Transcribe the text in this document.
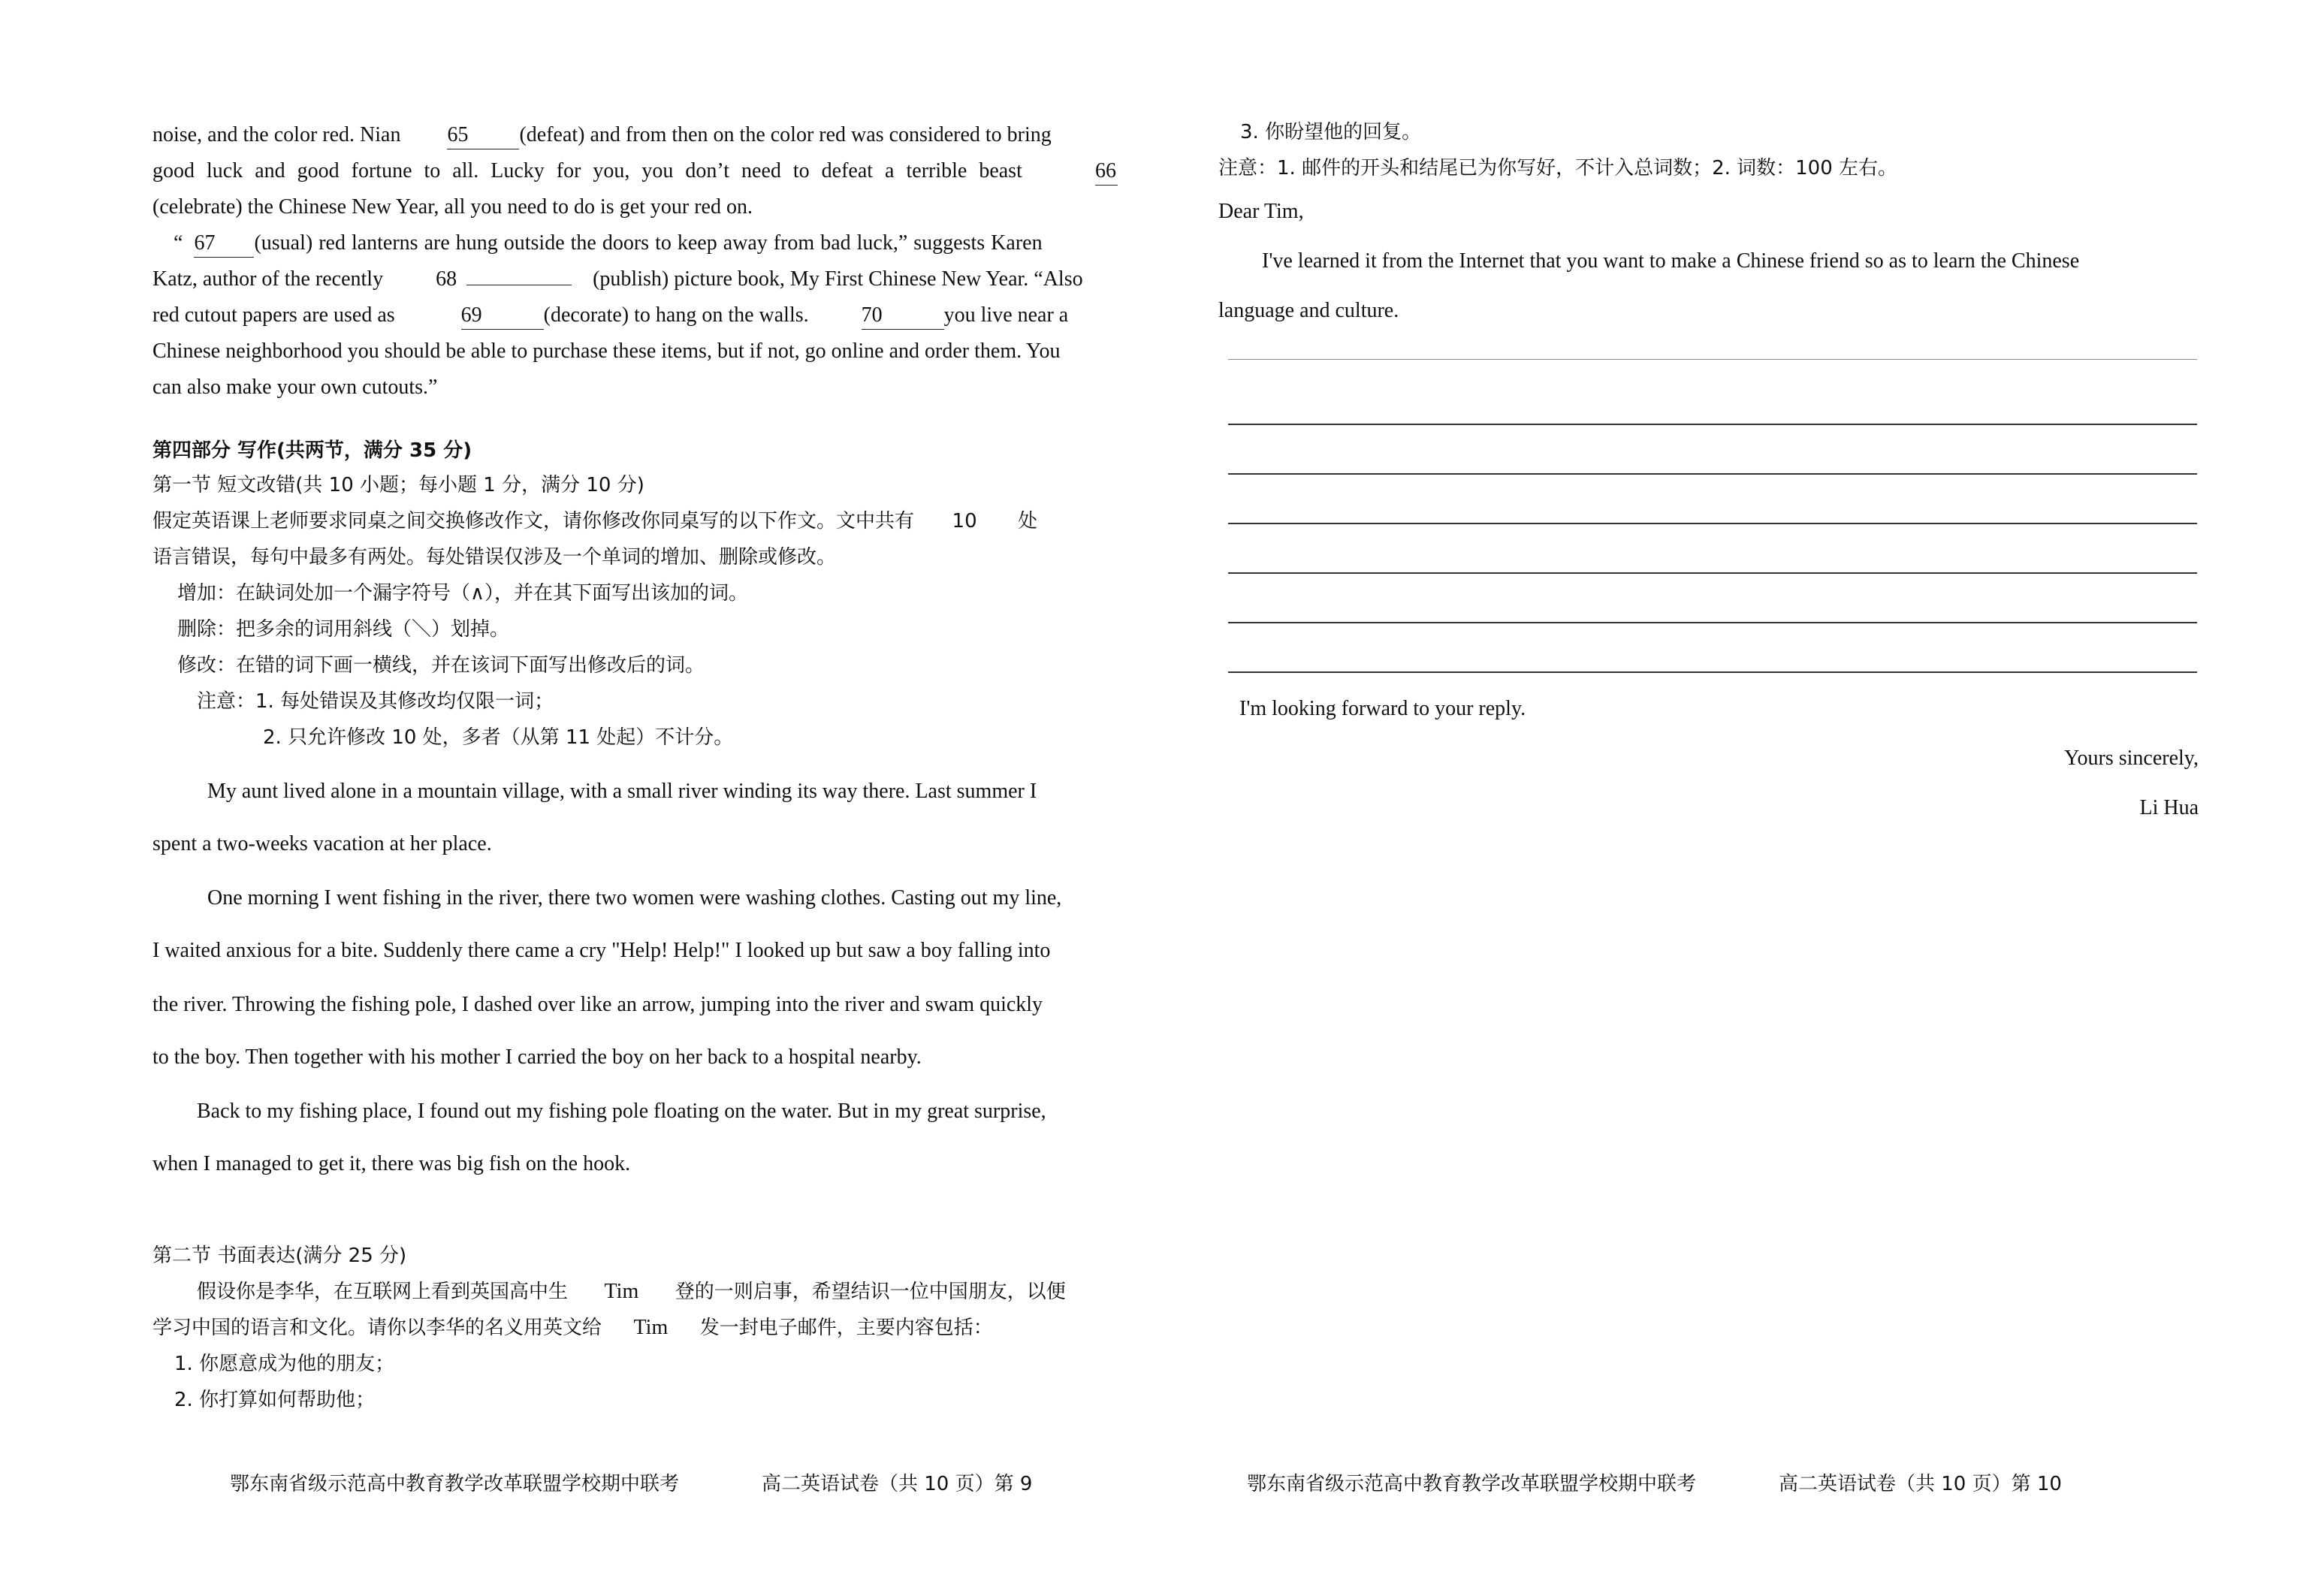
noise, and the color red. Nian 65 (defeat) and from then on the color red was considered to bring
good luck and good fortune to all. Lucky for you, you don’t need to defeat a terrible beast	66
(celebrate) the Chinese New Year, all you need to do is get your red on.
“ 67 (usual) red lanterns are hung outside the doors to keep away from bad luck,” suggests Karen
Katz, author of the recently	68	(publish) picture book, My First Chinese New Year. “Also
red cutout papers are used as	69	(decorate) to hang on the walls.	70	you live near a
Chinese neighborhood you should be able to purchase these items, but if not, go online and order them. You
can also make your own cutouts.”
第四部分 写作(共两节，满分 35 分)
第一节 短文改错(共 10 小题；每小题 1 分，满分 10 分)
假定英语课上老师要求同桌之间交换修改作文，请你修改你同桌写的以下作文。文中共有 10 处
语言错误，每句中最多有两处。每处错误仅涉及一个单词的增加、删除或修改。
增加：在缺词处加一个漏字符号（∧），并在其下面写出该加的词。
删除：把多余的词用斜线（＼）划掉。
修改：在错的词下画一横线，并在该词下面写出修改后的词。
注意：1. 每处错误及其修改均仅限一词；
2. 只允许修改 10 处，多者（从第 11 处起）不计分。
My aunt lived alone in a mountain village, with a small river winding its way there. Last summer I
spent a two-weeks vacation at her place.
One morning I went fishing in the river, there two women were washing clothes. Casting out my line,
I waited anxious for a bite. Suddenly there came a cry "Help! Help!" I looked up but saw a boy falling into
the river. Throwing the fishing pole, I dashed over like an arrow, jumping into the river and swam quickly
to the boy. Then together with his mother I carried the boy on her back to a hospital nearby.
Back to my fishing place, I found out my fishing pole floating on the water. But in my great surprise,
when I managed to get it, there was big fish on the hook.
第二节 书面表达(满分 25 分)
假设你是李华，在互联网上看到英国高中生 Tim 登的一则启事，希望结识一位中国朋友，以便
学习中国的语言和文化。请你以李华的名义用英文给 Tim 发一封电子邮件，主要内容包括：
1. 你愿意成为他的朋友；
2. 你打算如何帮助他；
鄂东南省级示范高中教育教学改革联盟学校期中联考	高二英语试卷（共 10 页）第 9
3. 你盼望他的回复。
注意：1. 邮件的开头和结尾已为你写好，不计入总词数；2. 词数：100 左右。
Dear Tim,
I've learned it from the Internet that you want to make a Chinese friend so as to learn the Chinese
language and culture.
I'm looking forward to your reply.
Yours sincerely,
Li Hua
鄂东南省级示范高中教育教学改革联盟学校期中联考	高二英语试卷（共 10 页）第 10
